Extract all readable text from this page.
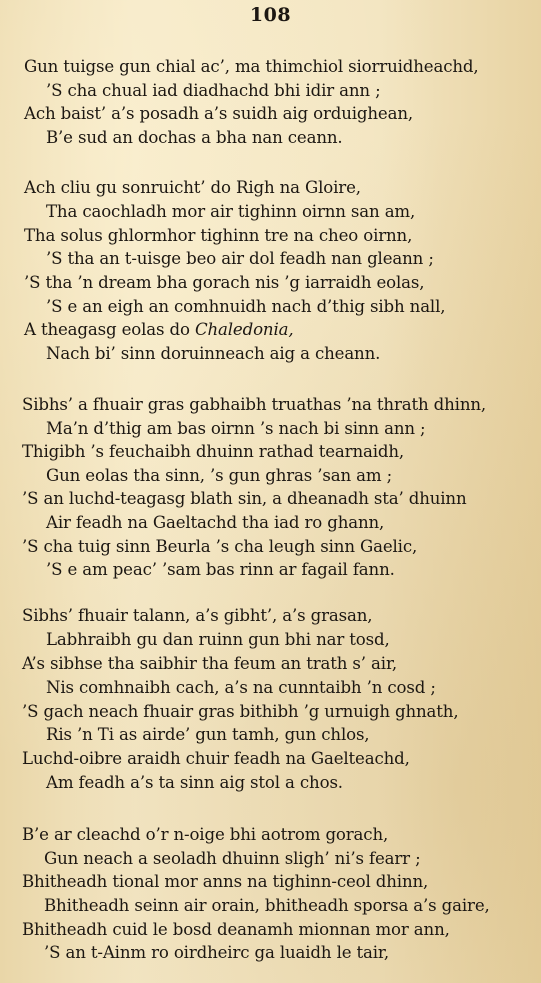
108
Gun tuigse gun chial ac’, ma thimchiol siorruidheachd,
’S cha chual iad diadhachd bhi idir ann ;
Ach baist’ a’s posadh a’s suidh aig orduighean,
B’e sud an dochas a bha nan ceann.
Ach cliu gu sonruicht’ do Righ na Gloire,
Tha caochladh mor air tighinn oirnn san am,
Tha solus ghlormhor tighinn tre na cheo oirnn,
’S tha an t-uisge beo air dol feadh nan gleann ;
’S tha ’n dream bha gorach nis ’g iarraidh eolas,
’S e an eigh an comhnuidh nach d’thig sibh nall,
A theagasg eolas do Chaledonia,
Nach bi’ sinn doruinneach aig a cheann.
Sibhs’ a fhuair gras gabhaibh truathas ’na thrath dhinn,
Ma’n d’thig am bas oirnn ’s nach bi sinn ann ;
Thigibh ’s feuchaibh dhuinn rathad tearnaidh,
Gun eolas tha sinn, ’s gun ghras ’san am ;
’S an luchd-teagasg blath sin, a dheanadh sta’ dhuinn
Air feadh na Gaeltachd tha iad ro ghann,
’S cha tuig sinn Beurla ’s cha leugh sinn Gaelic,
’S e am peac’ ’sam bas rinn ar fagail fann.
Sibhs’ fhuair talann, a’s gibht’, a’s grasan,
Labhraibh gu dan ruinn gun bhi nar tosd,
A’s sibhse tha saibhir tha feum an trath s’ air,
Nis comhnaibh cach, a’s na cunntaibh ’n cosd ;
’S gach neach fhuair gras bithibh ’g urnuigh ghnath,
Ris ’n Ti as airde’ gun tamh, gun chlos,
Luchd-oibre araidh chuir feadh na Gaelteachd,
Am feadh a’s ta sinn aig stol a chos.
B’e ar cleachd o’r n-oige bhi aotrom gorach,
Gun neach a seoladh dhuinn sligh’ ni’s fearr ;
Bhitheadh tional mor anns na tighinn-ceol dhinn,
Bhitheadh seinn air orain, bhitheadh sporsa a’s gaire,
Bhitheadh cuid le bosd deanamh mionnan mor ann,
’S an t-Ainm ro oirdheirc ga luaidh le tair,
